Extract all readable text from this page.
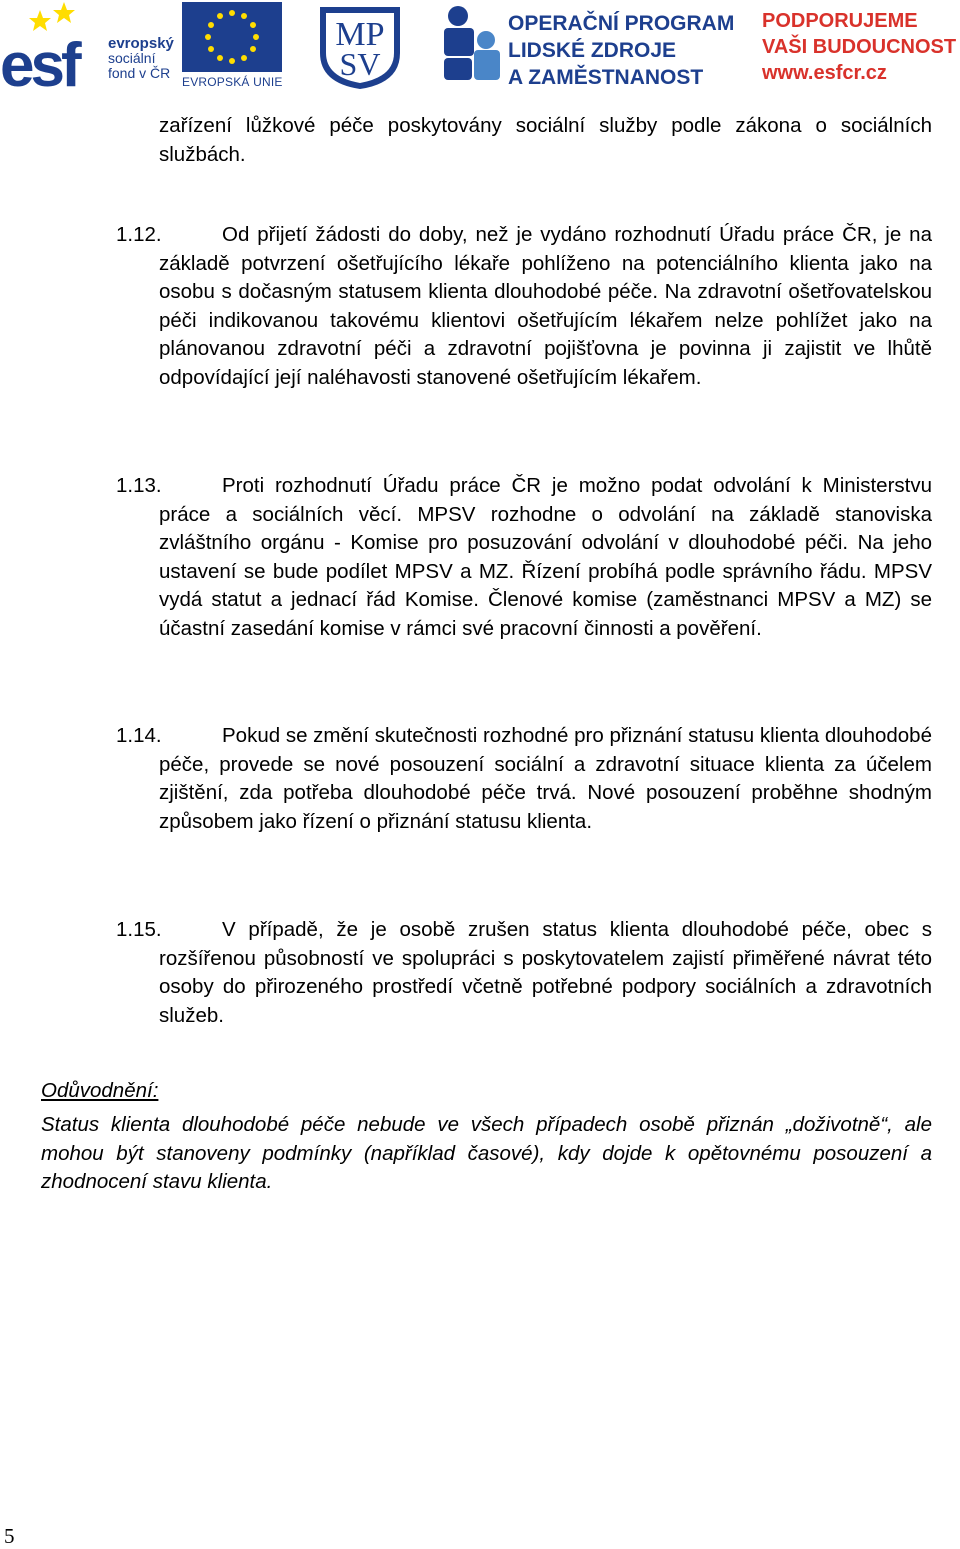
esf evropský
sociální
fond v ČR
EVROPSKÁ UNIE
MP
SV
OPERAČNÍ PROGRAM
LIDSKÉ ZDROJE
A ZAMĚSTNANOST
PODPORUJEME
VAŠI BUDOUCNOST
www.esfcr.cz

zařízení lůžkové péče poskytovány sociální služby podle zákona o sociálních službách.

1.12.	Od přijetí žádosti do doby, než je vydáno rozhodnutí Úřadu práce ČR, je na základě potvrzení ošetřujícího lékaře pohlíženo na potenciálního klienta jako na osobu s dočasným statusem klienta dlouhodobé péče. Na zdravotní ošetřovatelskou péči indikovanou takovému klientovi ošetřujícím lékařem nelze pohlížet jako na plánovanou zdravotní péči a zdravotní pojišťovna je povinna ji zajistit ve lhůtě odpovídající její naléhavosti stanovené ošetřujícím lékařem.

1.13.	Proti rozhodnutí Úřadu práce ČR je možno podat odvolání k Ministerstvu práce a sociálních věcí. MPSV rozhodne o odvolání na základě stanoviska zvláštního orgánu - Komise pro posuzování odvolání v dlouhodobé péči. Na jeho ustavení se bude podílet MPSV a MZ. Řízení probíhá podle správního řádu. MPSV vydá statut a jednací řád Komise. Členové komise (zaměstnanci MPSV a MZ) se účastní zasedání komise v rámci své pracovní činnosti a pověření.

1.14.	Pokud se změní skutečnosti rozhodné pro přiznání statusu klienta dlouhodobé péče, provede se nové posouzení sociální a zdravotní situace klienta za účelem zjištění, zda potřeba dlouhodobé péče trvá. Nové posouzení proběhne shodným způsobem jako řízení o přiznání statusu klienta.

1.15.	V případě, že je osobě zrušen status klienta dlouhodobé péče, obec s rozšířenou působností ve spolupráci s poskytovatelem zajistí přiměřené návrat této osoby do přirozeného prostředí včetně potřebné podpory sociálních a zdravotních služeb.

Odůvodnění:

Status klienta dlouhodobé péče nebude ve všech případech osobě přiznán „doživotně“, ale mohou být stanoveny podmínky (například časové), kdy dojde k opětovnému posouzení a zhodnocení stavu klienta.

5
